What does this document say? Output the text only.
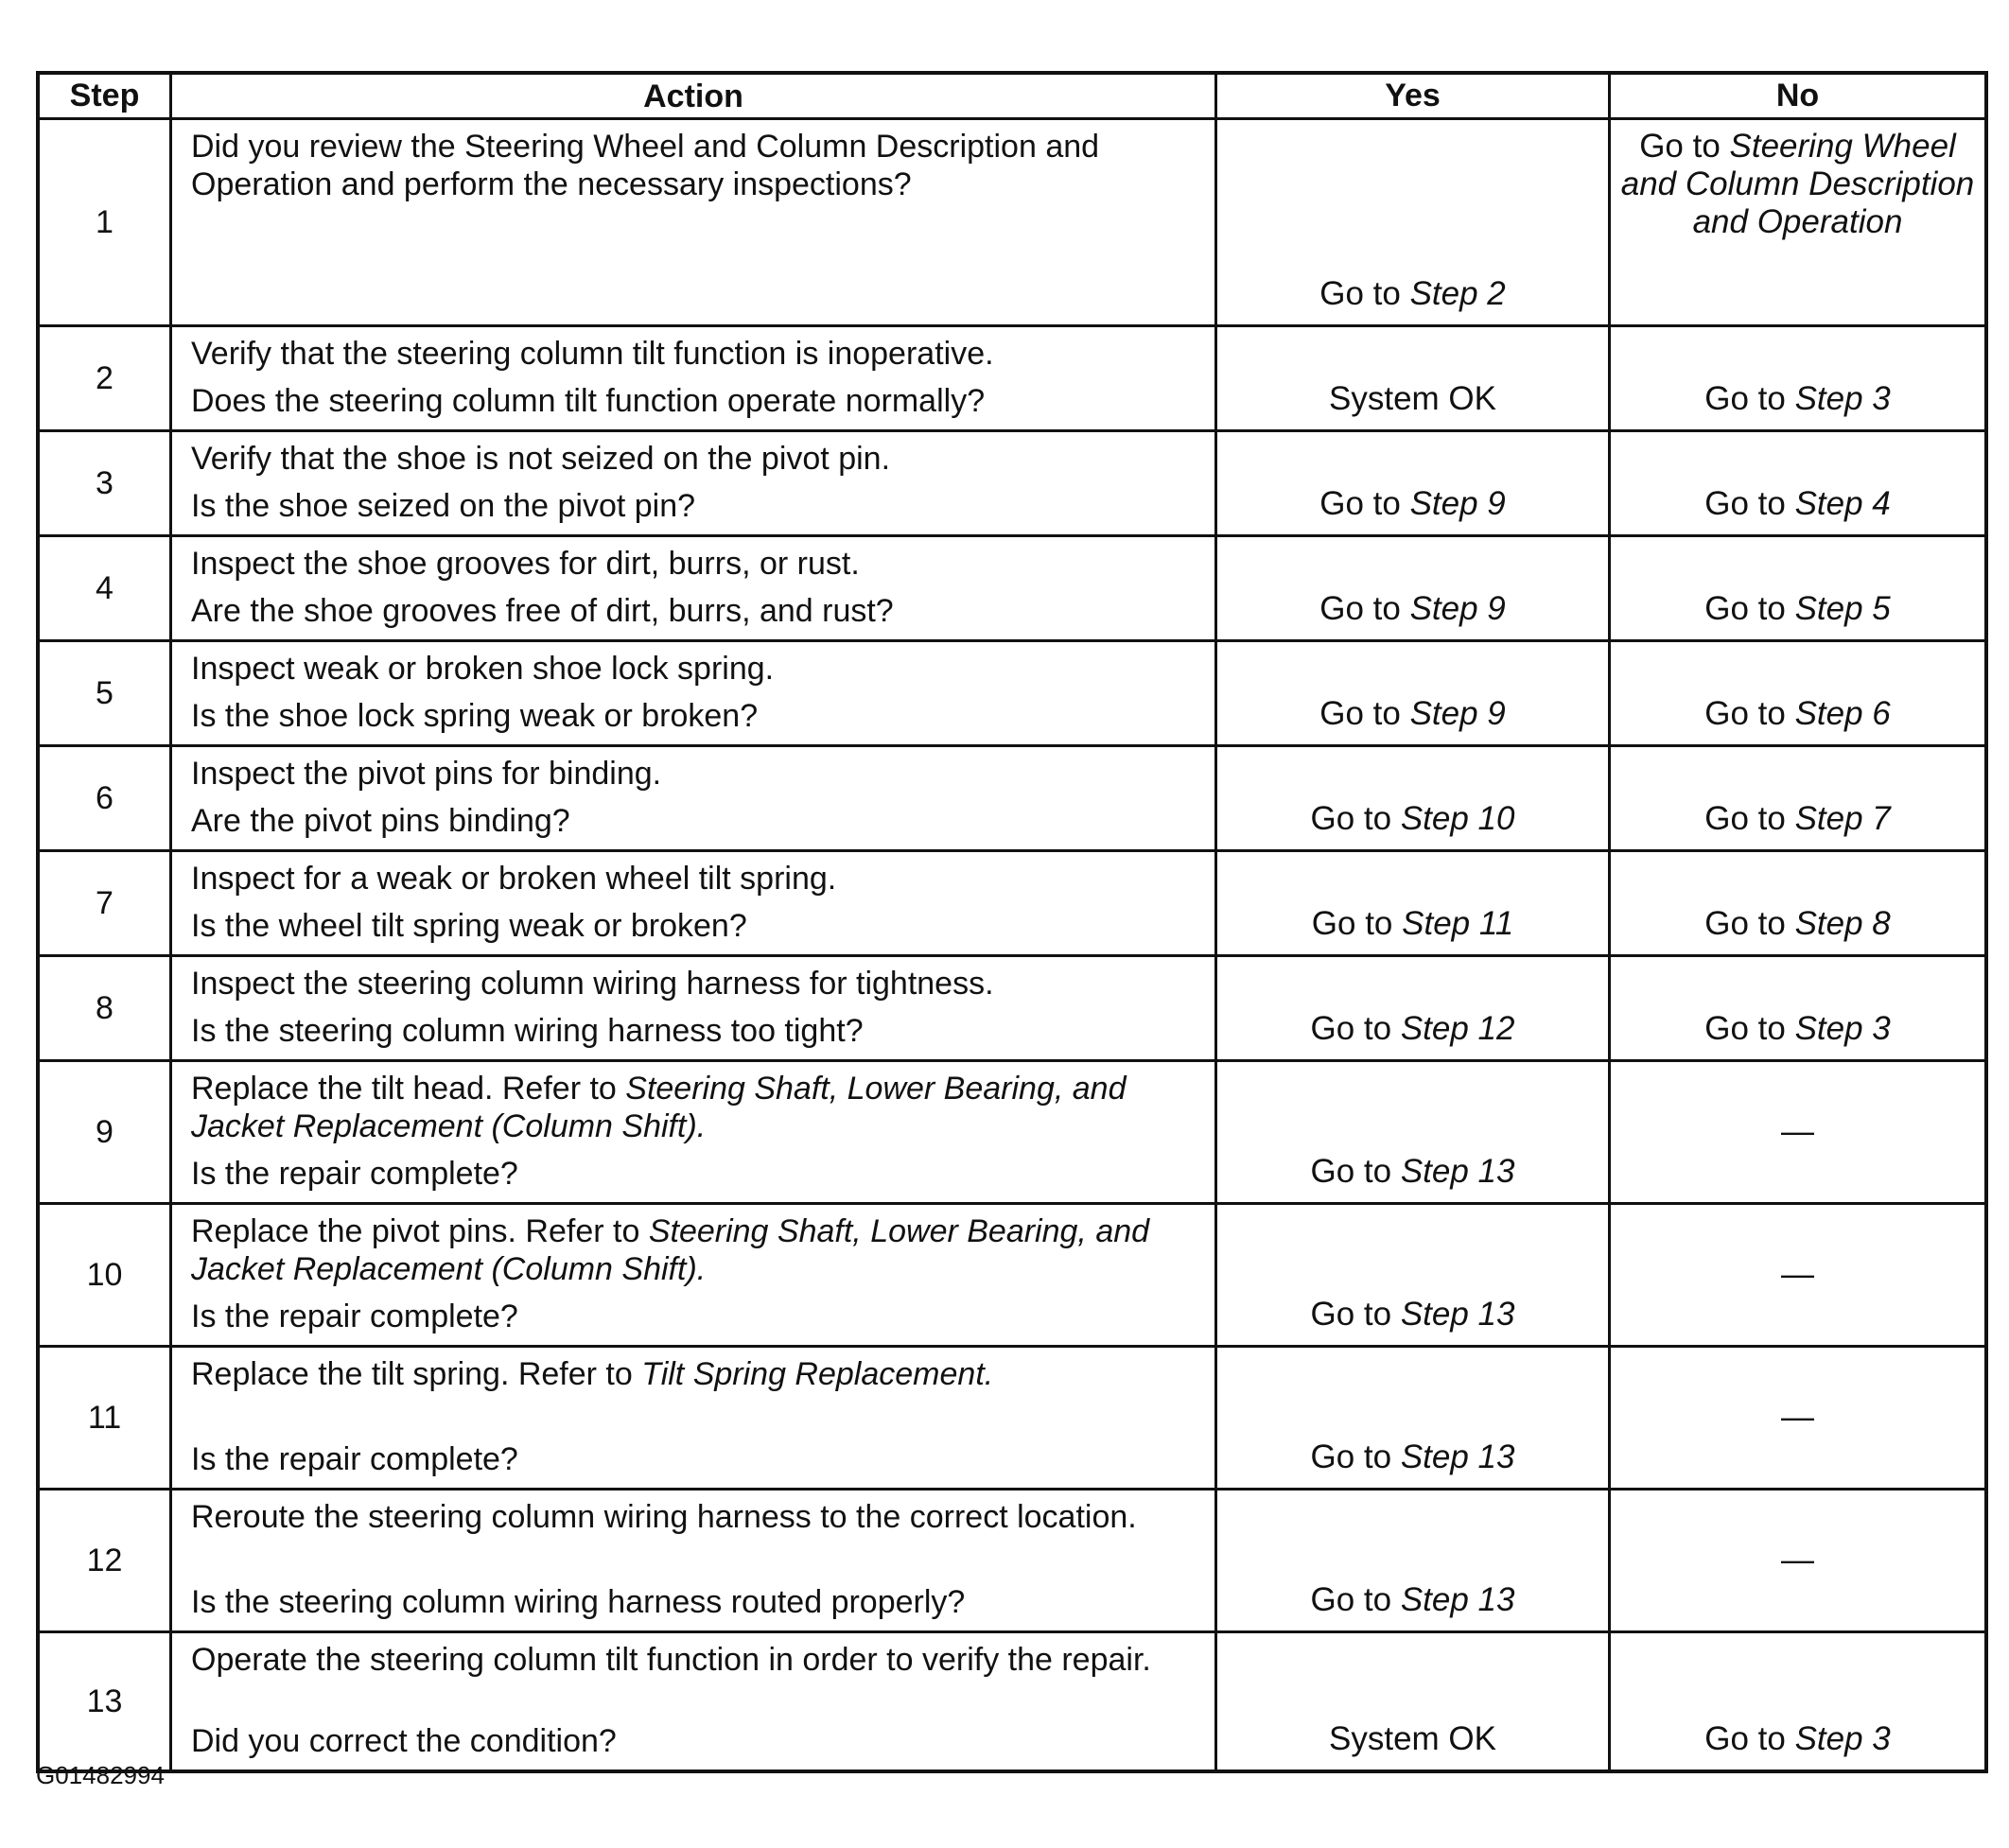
Step	Action	Yes	No
1	Did you review the Steering Wheel and Column Description and Operation and perform the necessary inspections?	Go to Step 2	Go to Steering Wheel and Column Description and Operation

2	Verify that the steering column tilt function is inoperative.
Does the steering column tilt function operate normally?	System OK	Go to Step 3

3	Verify that the shoe is not seized on the pivot pin.
Is the shoe seized on the pivot pin?	Go to Step 9	Go to Step 4

4	Inspect the shoe grooves for dirt, burrs, or rust.
Are the shoe grooves free of dirt, burrs, and rust?	Go to Step 9	Go to Step 5

5	Inspect weak or broken shoe lock spring.
Is the shoe lock spring weak or broken?	Go to Step 9	Go to Step 6

6	Inspect the pivot pins for binding.
Are the pivot pins binding?	Go to Step 10	Go to Step 7

7	Inspect for a weak or broken wheel tilt spring.
Is the wheel tilt spring weak or broken?	Go to Step 11	Go to Step 8

8	Inspect the steering column wiring harness for tightness.
Is the steering column wiring harness too tight?	Go to Step 12	Go to Step 3

9	Replace the tilt head. Refer to Steering Shaft, Lower Bearing, and Jacket Replacement (Column Shift).
Is the repair complete?	Go to Step 13	—

10	Replace the pivot pins. Refer to Steering Shaft, Lower Bearing, and Jacket Replacement (Column Shift).
Is the repair complete?	Go to Step 13	—

11	Replace the tilt spring. Refer to Tilt Spring Replacement.
Is the repair complete?	Go to Step 13	—

12	Reroute the steering column wiring harness to the correct location.
Is the steering column wiring harness routed properly?	Go to Step 13	—

13	Operate the steering column tilt function in order to verify the repair.
Did you correct the condition?	System OK	Go to Step 3
G01482994
